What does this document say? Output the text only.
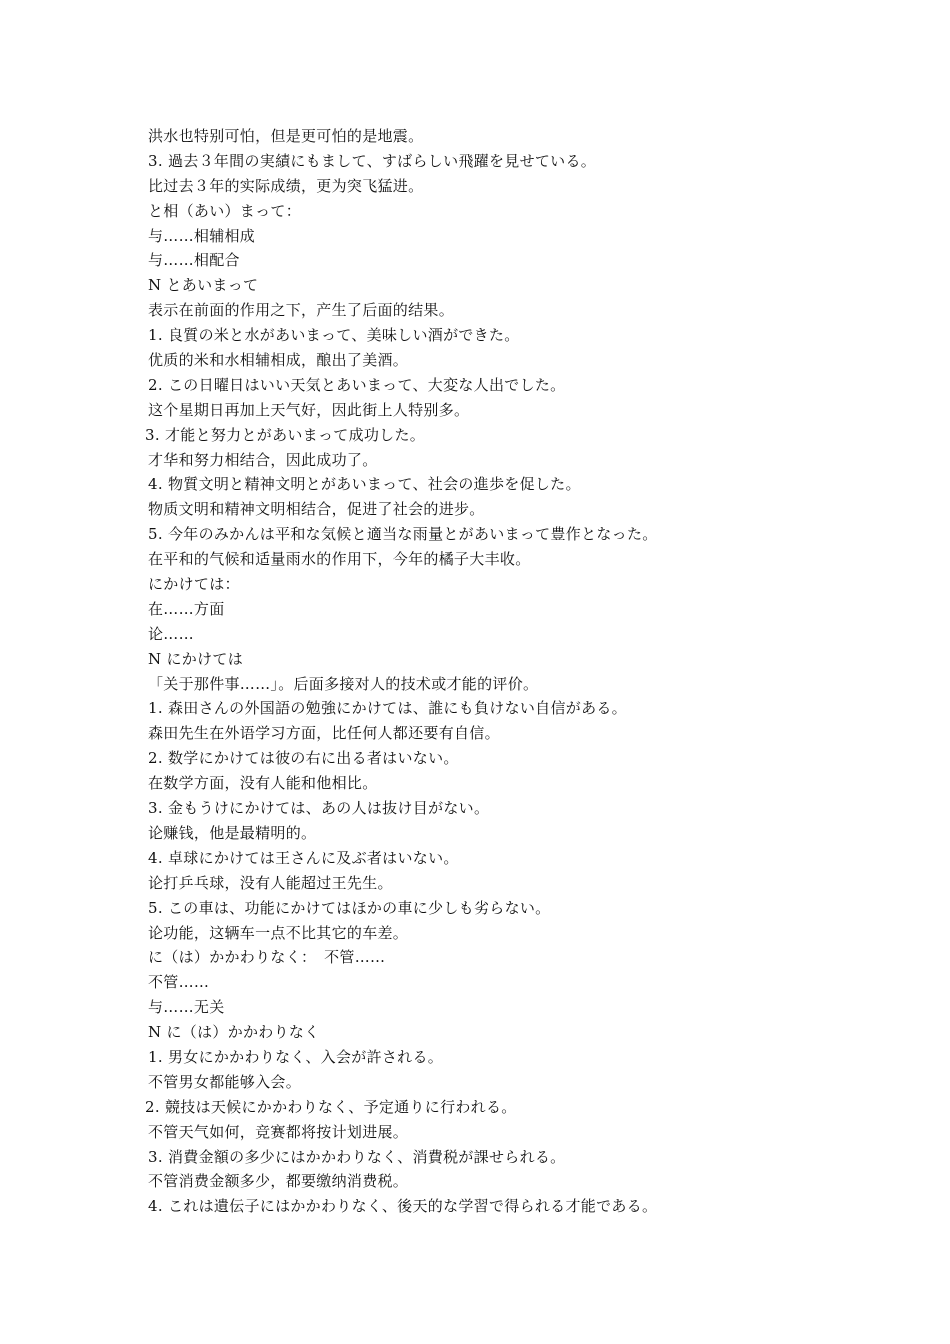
洪水也特别可怕，但是更可怕的是地震。
3. 過去３年間の実績にもまして、すばらしい飛躍を見せている。
比过去３年的实际成绩，更为突飞猛进。
と相（あい）まって：
与……相辅相成
与……相配合
N とあいまって
表示在前面的作用之下，产生了后面的结果。
1. 良質の米と水があいまって、美味しい酒ができた。
优质的米和水相辅相成，酿出了美酒。
2. この日曜日はいい天気とあいまって、大変な人出でした。
这个星期日再加上天气好，因此街上人特别多。
3. 才能と努力とがあいまって成功した。
才华和努力相结合，因此成功了。
4. 物質文明と精神文明とがあいまって、社会の進歩を促した。
物质文明和精神文明相结合，促进了社会的进步。
5. 今年のみかんは平和な気候と適当な雨量とがあいまって豊作となった。
在平和的气候和适量雨水的作用下，今年的橘子大丰收。
にかけては：
在……方面
论……
N にかけては
「关于那件事……」。后面多接对人的技术或才能的评价。
1. 森田さんの外国語の勉強にかけては、誰にも負けない自信がある。
森田先生在外语学习方面，比任何人都还要有自信。
2. 数学にかけては彼の右に出る者はいない。
在数学方面，没有人能和他相比。
3. 金もうけにかけては、あの人は抜け目がない。
论赚钱，他是最精明的。
4. 卓球にかけては王さんに及ぶ者はいない。
论打乒乓球，没有人能超过王先生。
5. この車は、功能にかけてはほかの車に少しも劣らない。
论功能，这辆车一点不比其它的车差。
に（は）かかわりなく：　不管……
不管……
与……无关
N に（は）かかわりなく
1. 男女にかかわりなく、入会が許される。
不管男女都能够入会。
2. 競技は天候にかかわりなく、予定通りに行われる。
不管天气如何，竞赛都将按计划进展。
3. 消費金額の多少にはかかわりなく、消費税が課せられる。
不管消费金额多少，都要缴纳消费税。
4. これは遺伝子にはかかわりなく、後天的な学習で得られる才能である。
